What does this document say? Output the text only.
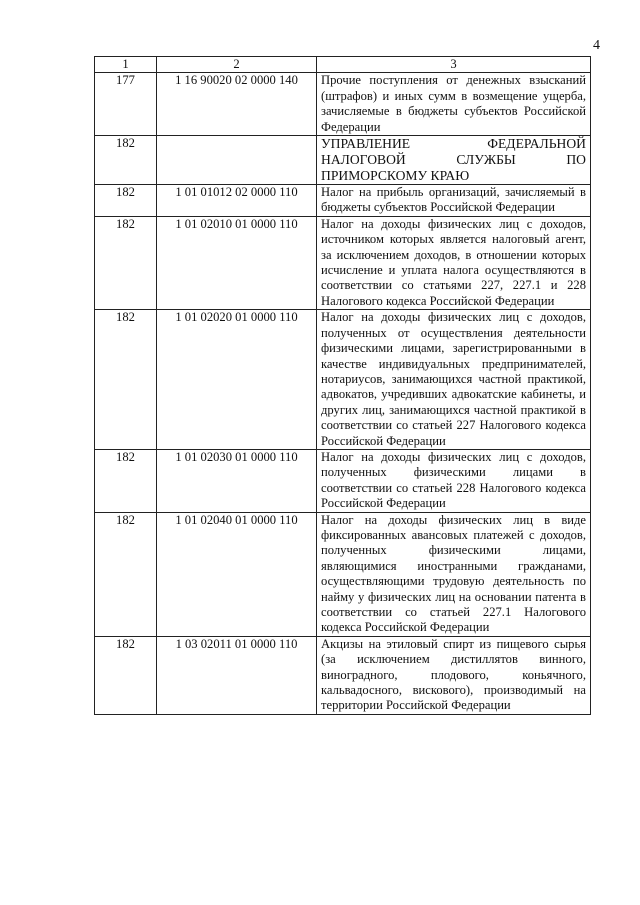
4
1	2	3
177	1 16 90020 02 0000 140	Прочие поступления от денежных взысканий (штрафов) и иных сумм в возмещение ущерба, зачисляемые в бюджеты субъектов Российской Федерации
182		УПРАВЛЕНИЕ ФЕДЕРАЛЬНОЙ НАЛОГОВОЙ СЛУЖБЫ ПО ПРИМОРСКОМУ КРАЮ
182	1 01 01012 02 0000 110	Налог на прибыль организаций, зачисляемый в бюджеты субъектов Российской Федерации
182	1 01 02010 01 0000 110	Налог на доходы физических лиц с доходов, источником которых является налоговый агент, за исключением доходов, в отношении которых исчисление и уплата налога осуществляются в соответствии со статьями 227, 227.1 и 228 Налогового кодекса Российской Федерации
182	1 01 02020 01 0000 110	Налог на доходы физических лиц с доходов, полученных от осуществления деятельности физическими лицами, зарегистрированными в качестве индивидуальных предпринимателей, нотариусов, занимающихся частной практикой, адвокатов, учредивших адвокатские кабинеты, и других лиц, занимающихся частной практикой в соответствии со статьей 227 Налогового кодекса Российской Федерации
182	1 01 02030 01 0000 110	Налог на доходы физических лиц с доходов, полученных физическими лицами в соответствии со статьей 228 Налогового кодекса Российской Федерации
182	1 01 02040 01 0000 110	Налог на доходы физических лиц в виде фиксированных авансовых платежей с доходов, полученных физическими лицами, являющимися иностранными гражданами, осуществляющими трудовую деятельность по найму у физических лиц на основании патента в соответствии со статьей 227.1 Налогового кодекса Российской Федерации
182	1 03 02011 01 0000 110	Акцизы на этиловый спирт из пищевого сырья (за исключением дистиллятов винного, виноградного, плодового, коньячного, кальвадосного, вискового), производимый на территории Российской Федерации
